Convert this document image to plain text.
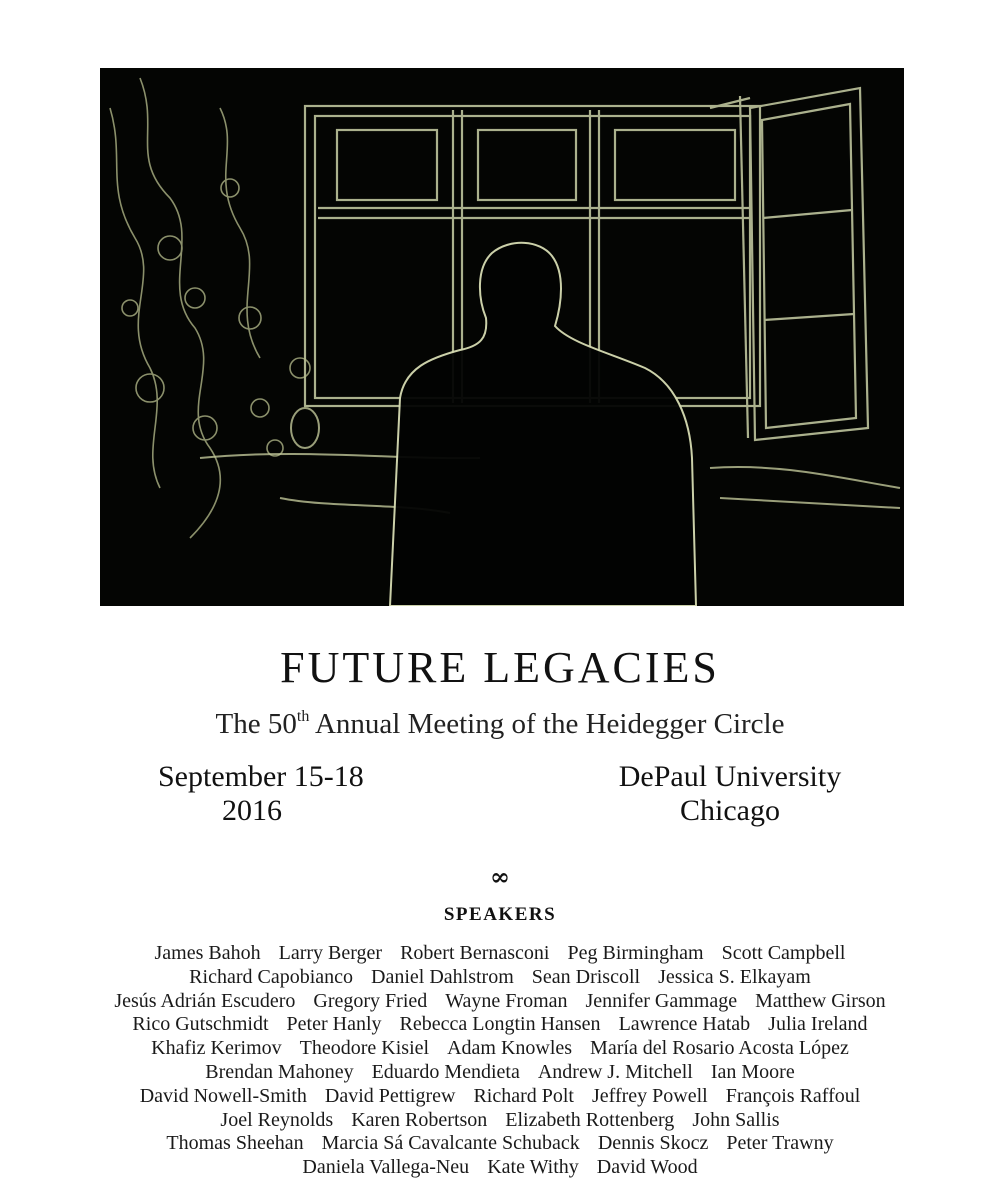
FUTURE LEGACIES
The 50th Annual Meeting of the Heidegger Circle
September 15-18
2016
DePaul University
Chicago
∞
SPEAKERS
James Bahoh Larry Berger Robert Bernasconi Peg Birmingham Scott Campbell
Richard Capobianco Daniel Dahlstrom Sean Driscoll Jessica S. Elkayam
Jesús Adrián Escudero Gregory Fried Wayne Froman Jennifer Gammage Matthew Girson
Rico Gutschmidt Peter Hanly Rebecca Longtin Hansen Lawrence Hatab Julia Ireland
Khafiz Kerimov Theodore Kisiel Adam Knowles María del Rosario Acosta López
Brendan Mahoney Eduardo Mendieta Andrew J. Mitchell Ian Moore
David Nowell-Smith David Pettigrew Richard Polt Jeffrey Powell François Raffoul
Joel Reynolds Karen Robertson Elizabeth Rottenberg John Sallis
Thomas Sheehan Marcia Sá Cavalcante Schuback Dennis Skocz Peter Trawny
Daniela Vallega-Neu Kate Withy David Wood
